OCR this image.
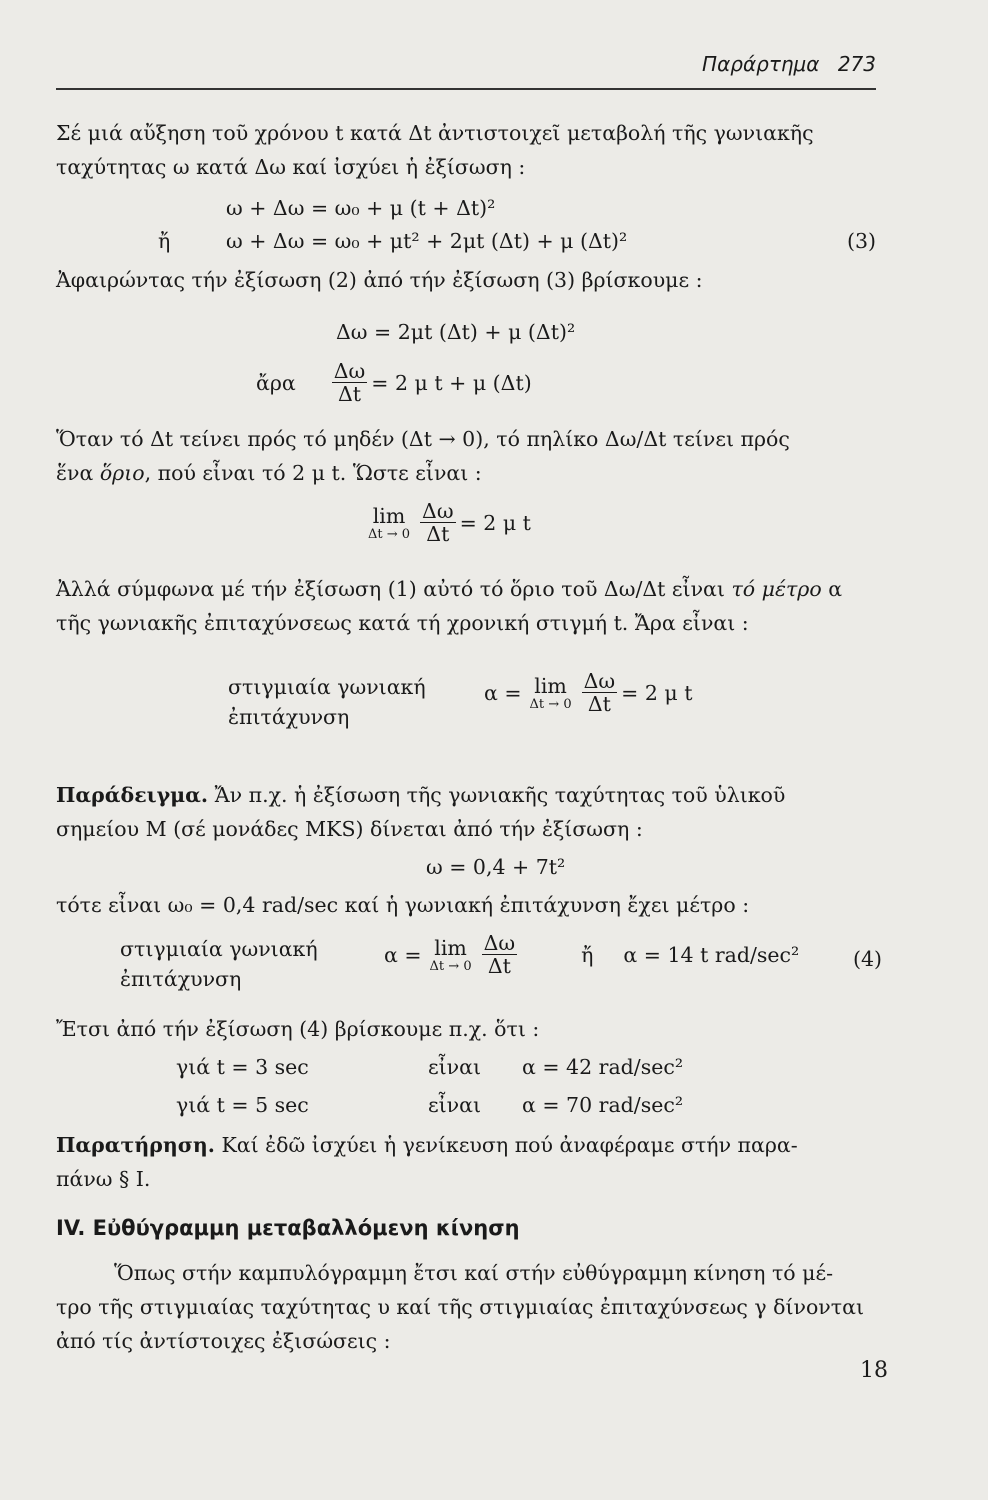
Παράρτημα 273
Σέ μιά αὔξηση τοῦ χρόνου t κατά Δt ἀντιστοιχεῖ μεταβολή τῆς γωνιακῆς
ταχύτητας ω κατά Δω καί ἰσχύει ἡ ἐξίσωση :
ω + Δω = ω₀ + μ (t + Δt)²
ἤ	ω + Δω = ω₀ + μt² + 2μt (Δt) + μ (Δt)²	(3)
Ἀφαιρώντας τήν ἐξίσωση (2) ἀπό τήν ἐξίσωση (3) βρίσκουμε :
Δω = 2μt (Δt) + μ (Δt)²
ἄρα $\frac{\Delta\omega}{\Delta t} = 2$ μ t + μ (Δt)
Ὅταν τό Δt τείνει πρός τό μηδέν (Δt → 0), τό πηλίκο Δω/Δt τείνει πρός
ἕνα ὅριο, πού εἶναι τό 2 μ t. Ὥστε εἶναι :
lim
$\Delta t \to 0 \frac{\Delta\omega}{\Delta t} = 2$ μ t
Ἀλλά σύμφωνα μέ τήν ἐξίσωση (1) αὐτό τό ὅριο τοῦ Δω/Δt εἶναι τό μέτρο α
τῆς γωνιακῆς ἐπιταχύνσεως κατά τή χρονική στιγμή t. Ἄρα εἶναι :
στιγμιαία γωνιακή
ἐπιτάχυνση
α = lim
$\Delta t \to 0 \frac{\Delta\omega}{\Delta t} = 2$ μ t
Παράδειγμα. Ἄν π.χ. ἡ ἐξίσωση τῆς γωνιακῆς ταχύτητας τοῦ ὑλικοῦ
σημείου Μ (σέ μονάδες MKS) δίνεται ἀπό τήν ἐξίσωση :
ω = 0,4 + 7t²
τότε εἶναι ω₀ = 0,4 rad/sec καί ἡ γωνιακή ἐπιτάχυνση ἔχει μέτρο :
στιγμιαία γωνιακή
ἐπιτάχυνση
α = lim
$\Delta t \to 0 \frac{\Delta\omega}{\Delta t}$	ἤ α = 14 t rad/sec²	(4)
Ἔτσι ἀπό τήν ἐξίσωση (4) βρίσκουμε π.χ. ὅτι :
γιά t = 3 sec	εἶναι α = 42 rad/sec²
γιά t = 5 sec	εἶναι α = 70 rad/sec²
Παρατήρηση. Καί ἐδῶ ἰσχύει ἡ γενίκευση πού ἀναφέραμε στήν παρα-
πάνω § I.
IV. Εὐθύγραμμη μεταβαλλόμενη κίνηση
Ὅπως στήν καμπυλόγραμμη ἔτσι καί στήν εὐθύγραμμη κίνηση τό μέ-
τρο τῆς στιγμιαίας ταχύτητας υ καί τῆς στιγμιαίας ἐπιταχύνσεως γ δίνονται
ἀπό τίς ἀντίστοιχες ἐξισώσεις :
18
